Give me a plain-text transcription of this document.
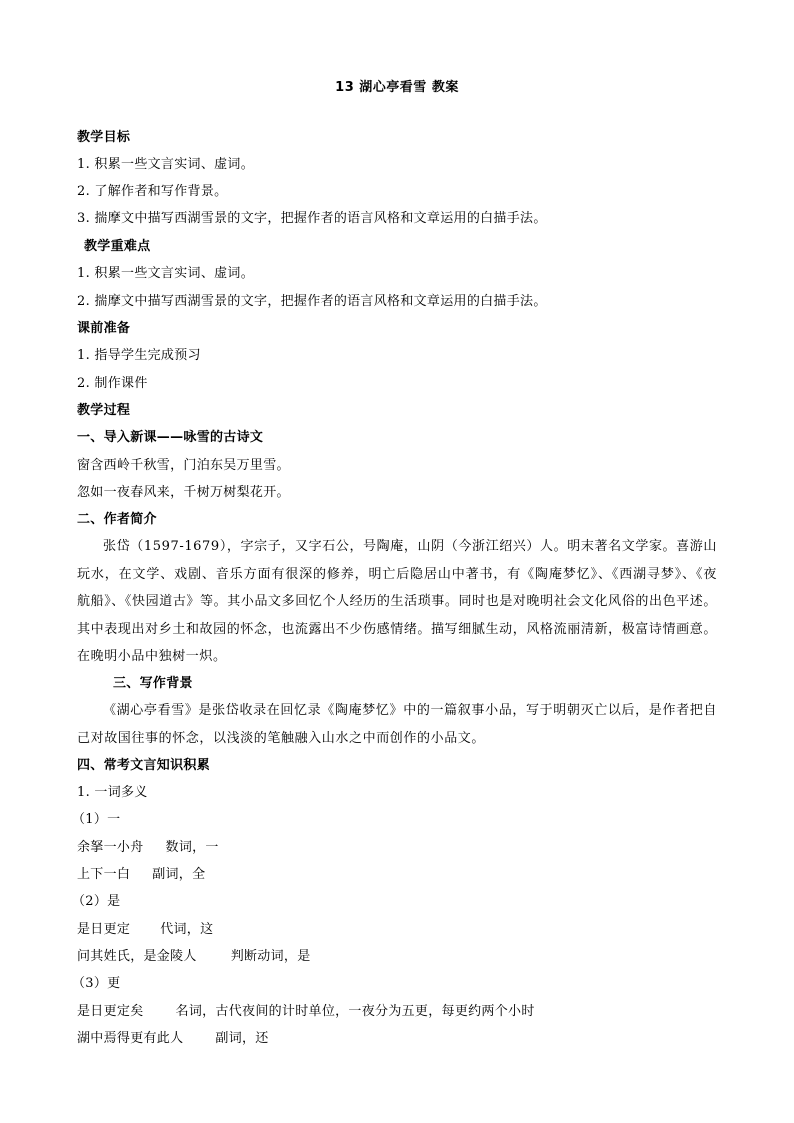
13 湖心亭看雪 教案
教学目标
1. 积累一些文言实词、虚词。
2. 了解作者和写作背景。
3. 揣摩文中描写西湖雪景的文字，把握作者的语言风格和文章运用的白描手法。
教学重难点
1. 积累一些文言实词、虚词。
2. 揣摩文中描写西湖雪景的文字，把握作者的语言风格和文章运用的白描手法。
课前准备
1. 指导学生完成预习
2. 制作课件
教学过程
一、导入新课——咏雪的古诗文
窗含西岭千秋雪，门泊东吴万里雪。
忽如一夜春风来，千树万树梨花开。
二、作者简介
张岱（1597-1679），字宗子，又字石公，号陶庵，山阴（今浙江绍兴）人。明末著名文学家。喜游山玩水，在文学、戏剧、音乐方面有很深的修养，明亡后隐居山中著书，有《陶庵梦忆》、《西湖寻梦》、《夜航船》、《快园道古》等。其小品文多回忆个人经历的生活琐事。同时也是对晚明社会文化风俗的出色平述。其中表现出对乡土和故园的怀念，也流露出不少伤感情绪。描写细腻生动，风格流丽清新，极富诗情画意。在晚明小品中独树一炽。
三、写作背景
《湖心亭看雪》是张岱收录在回忆录《陶庵梦忆》中的一篇叙事小品，写于明朝灭亡以后，是作者把自己对故国往事的怀念，以浅淡的笔触融入山水之中而创作的小品文。
四、常考文言知识积累
1. 一词多义
（1）一
余拏一小舟 数词，一
上下一白 副词，全
（2）是
是日更定 代词，这
问其姓氏，是金陵人	判断动词，是
（3）更
是日更定矣 名词，古代夜间的计时单位，一夜分为五更，每更约两个小时
湖中焉得更有此人 副词，还
